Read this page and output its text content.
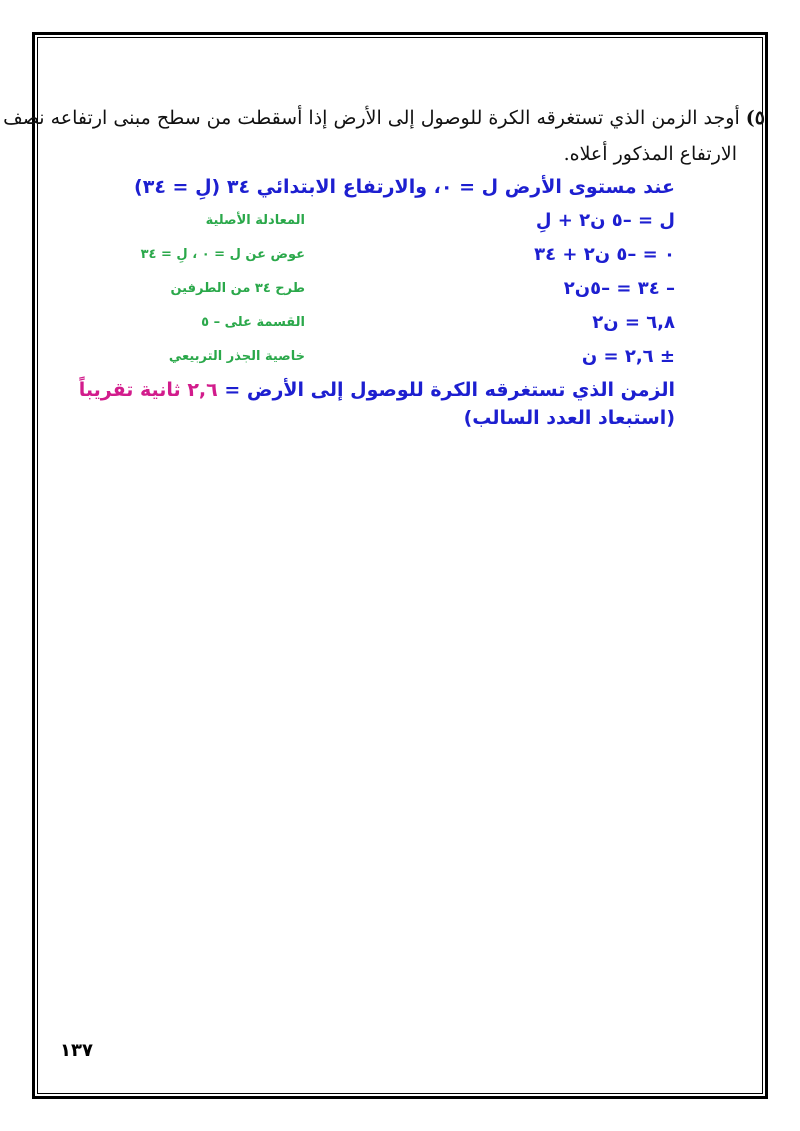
٥) أوجد الزمن الذي تستغرقه الكرة للوصول إلى الأرض إذا أسقطت من سطح مبنى ارتفاعه نصف

الارتفاع المذكور أعلاه.

عند مستوى الأرض ل = ٠، والارتفاع الابتدائي ٣٤ (لِ = ٣٤)
ل = –٥ ن٢ + لِ
المعادلة الأصلية
٠ = –٥ ن٢ + ٣٤
عوض عن ل = ٠ ، لِ = ٣٤
– ٣٤ = –٥ن٢
طرح ٣٤ من الطرفين
٦,٨ = ن٢
القسمة على – ٥
± ٢,٦ = ن
خاصية الجذر التربيعي
الزمن الذي تستغرقه الكرة للوصول إلى الأرض = ٢,٦ ثانية تقريباً (استبعاد العدد السالب)
١٣٧
